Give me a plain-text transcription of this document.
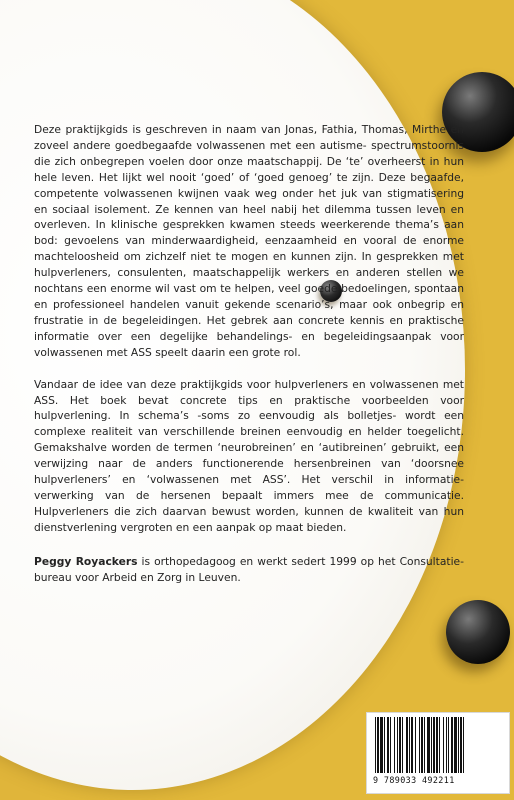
Deze praktijkgids is geschreven in naam van Jonas, Fathia, Thomas, Mirthe en zoveel andere goedbegaafde volwassenen met een autisme- spectrumstoornis die zich onbegrepen voelen door onze maatschappij. De ‘te’ overheerst in hun hele leven. Het lijkt wel nooit ‘goed’ of ‘goed genoeg’ te zijn. Deze begaafde, competente volwassenen kwijnen vaak weg onder het juk van stigmatisering en sociaal isolement. Ze kennen van heel nabij het dilemma tussen leven en overleven. In klinische gesprekken kwamen steeds weerkerende thema’s aan bod: gevoelens van minderwaardigheid, eenzaamheid en vooral de enorme machteloosheid om zichzelf niet te mogen en kunnen zijn. In gesprekken met hulpverleners, consulenten, maatschappelijk werkers en anderen stellen we nochtans een enorme wil vast om te helpen, veel goede bedoelingen, spontaan en professioneel handelen vanuit gekende scenario’s, maar ook onbegrip en frustratie in de begeleidingen. Het gebrek aan concrete kennis en praktische informatie over een degelijke behandelings- en begeleidingsaanpak voor volwassenen met ASS speelt daarin een grote rol.

Vandaar de idee van deze praktijkgids voor hulpverleners en volwassenen met ASS. Het boek bevat concrete tips en praktische voorbeelden voor hulpverlening. In schema’s -soms zo eenvoudig als bolletjes- wordt een complexe realiteit van verschillende breinen eenvoudig en helder toegelicht. Gemakshalve worden de termen ‘neurobreinen’ en ‘autibreinen’ gebruikt, een verwijzing naar de anders functionerende hersenbreinen van ‘doorsnee hulpverleners’ en ‘volwassenen met ASS’. Het verschil in informatie- verwerking van de hersenen bepaalt immers mee de communicatie. Hulpverleners die zich daarvan bewust worden, kunnen de kwaliteit van hun dienstverlening vergroten en een aanpak op maat bieden.

Peggy Royackers is orthopedagoog en werkt sedert 1999 op het Consultatie- bureau voor Arbeid en Zorg in Leuven.

9 789033 492211
